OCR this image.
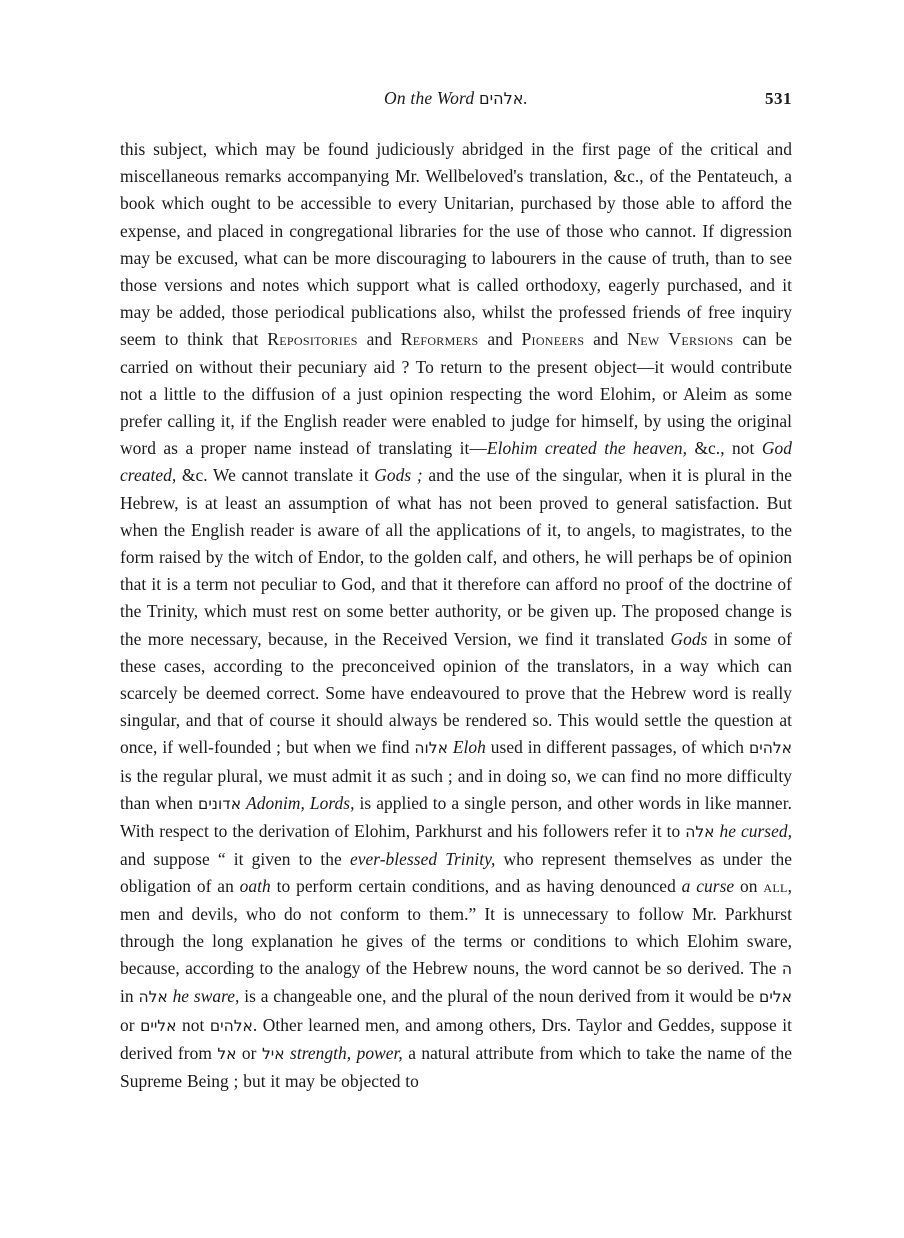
On the Word אלהים.	531

this subject, which may be found judiciously abridged in the first page of the critical and miscellaneous remarks accompanying Mr. Wellbeloved's translation, &c., of the Pentateuch, a book which ought to be accessible to every Unitarian, purchased by those able to afford the expense, and placed in congregational libraries for the use of those who cannot. If digression may be excused, what can be more discouraging to labourers in the cause of truth, than to see those versions and notes which support what is called orthodoxy, eagerly purchased, and it may be added, those periodical publications also, whilst the professed friends of free inquiry seem to think that Repositories and Reformers and Pioneers and New Versions can be carried on without their pecuniary aid ? To return to the present object—it would contribute not a little to the diffusion of a just opinion respecting the word Elohim, or Aleim as some prefer calling it, if the English reader were enabled to judge for himself, by using the original word as a proper name instead of translating it—Elohim created the heaven, &c., not God created, &c. We cannot translate it Gods ; and the use of the singular, when it is plural in the Hebrew, is at least an assumption of what has not been proved to general satisfaction. But when the English reader is aware of all the applications of it, to angels, to magistrates, to the form raised by the witch of Endor, to the golden calf, and others, he will perhaps be of opinion that it is a term not peculiar to God, and that it therefore can afford no proof of the doctrine of the Trinity, which must rest on some better authority, or be given up. The proposed change is the more necessary, because, in the Received Version, we find it translated Gods in some of these cases, according to the preconceived opinion of the translators, in a way which can scarcely be deemed correct. Some have endeavoured to prove that the Hebrew word is really singular, and that of course it should always be rendered so. This would settle the question at once, if well-founded ; but when we find אלוה Eloh used in different passages, of which אלהים is the regular plural, we must admit it as such ; and in doing so, we can find no more difficulty than when אדונים Adonim, Lords, is applied to a single person, and other words in like manner. With respect to the derivation of Elohim, Parkhurst and his followers refer it to אלה he cursed, and suppose “ it given to the ever-blessed Trinity, who represent themselves as under the obligation of an oath to perform certain conditions, and as having denounced a curse on all, men and devils, who do not conform to them.” It is unnecessary to follow Mr. Parkhurst through the long explanation he gives of the terms or conditions to which Elohim sware, because, according to the analogy of the Hebrew nouns, the word cannot be so derived. The ה in אלה he sware, is a changeable one, and the plural of the noun derived from it would be אלים or אליים not אלהים. Other learned men, and among others, Drs. Taylor and Geddes, suppose it derived from אל or איל strength, power, a natural attribute from which to take the name of the Supreme Being ; but it may be objected to
